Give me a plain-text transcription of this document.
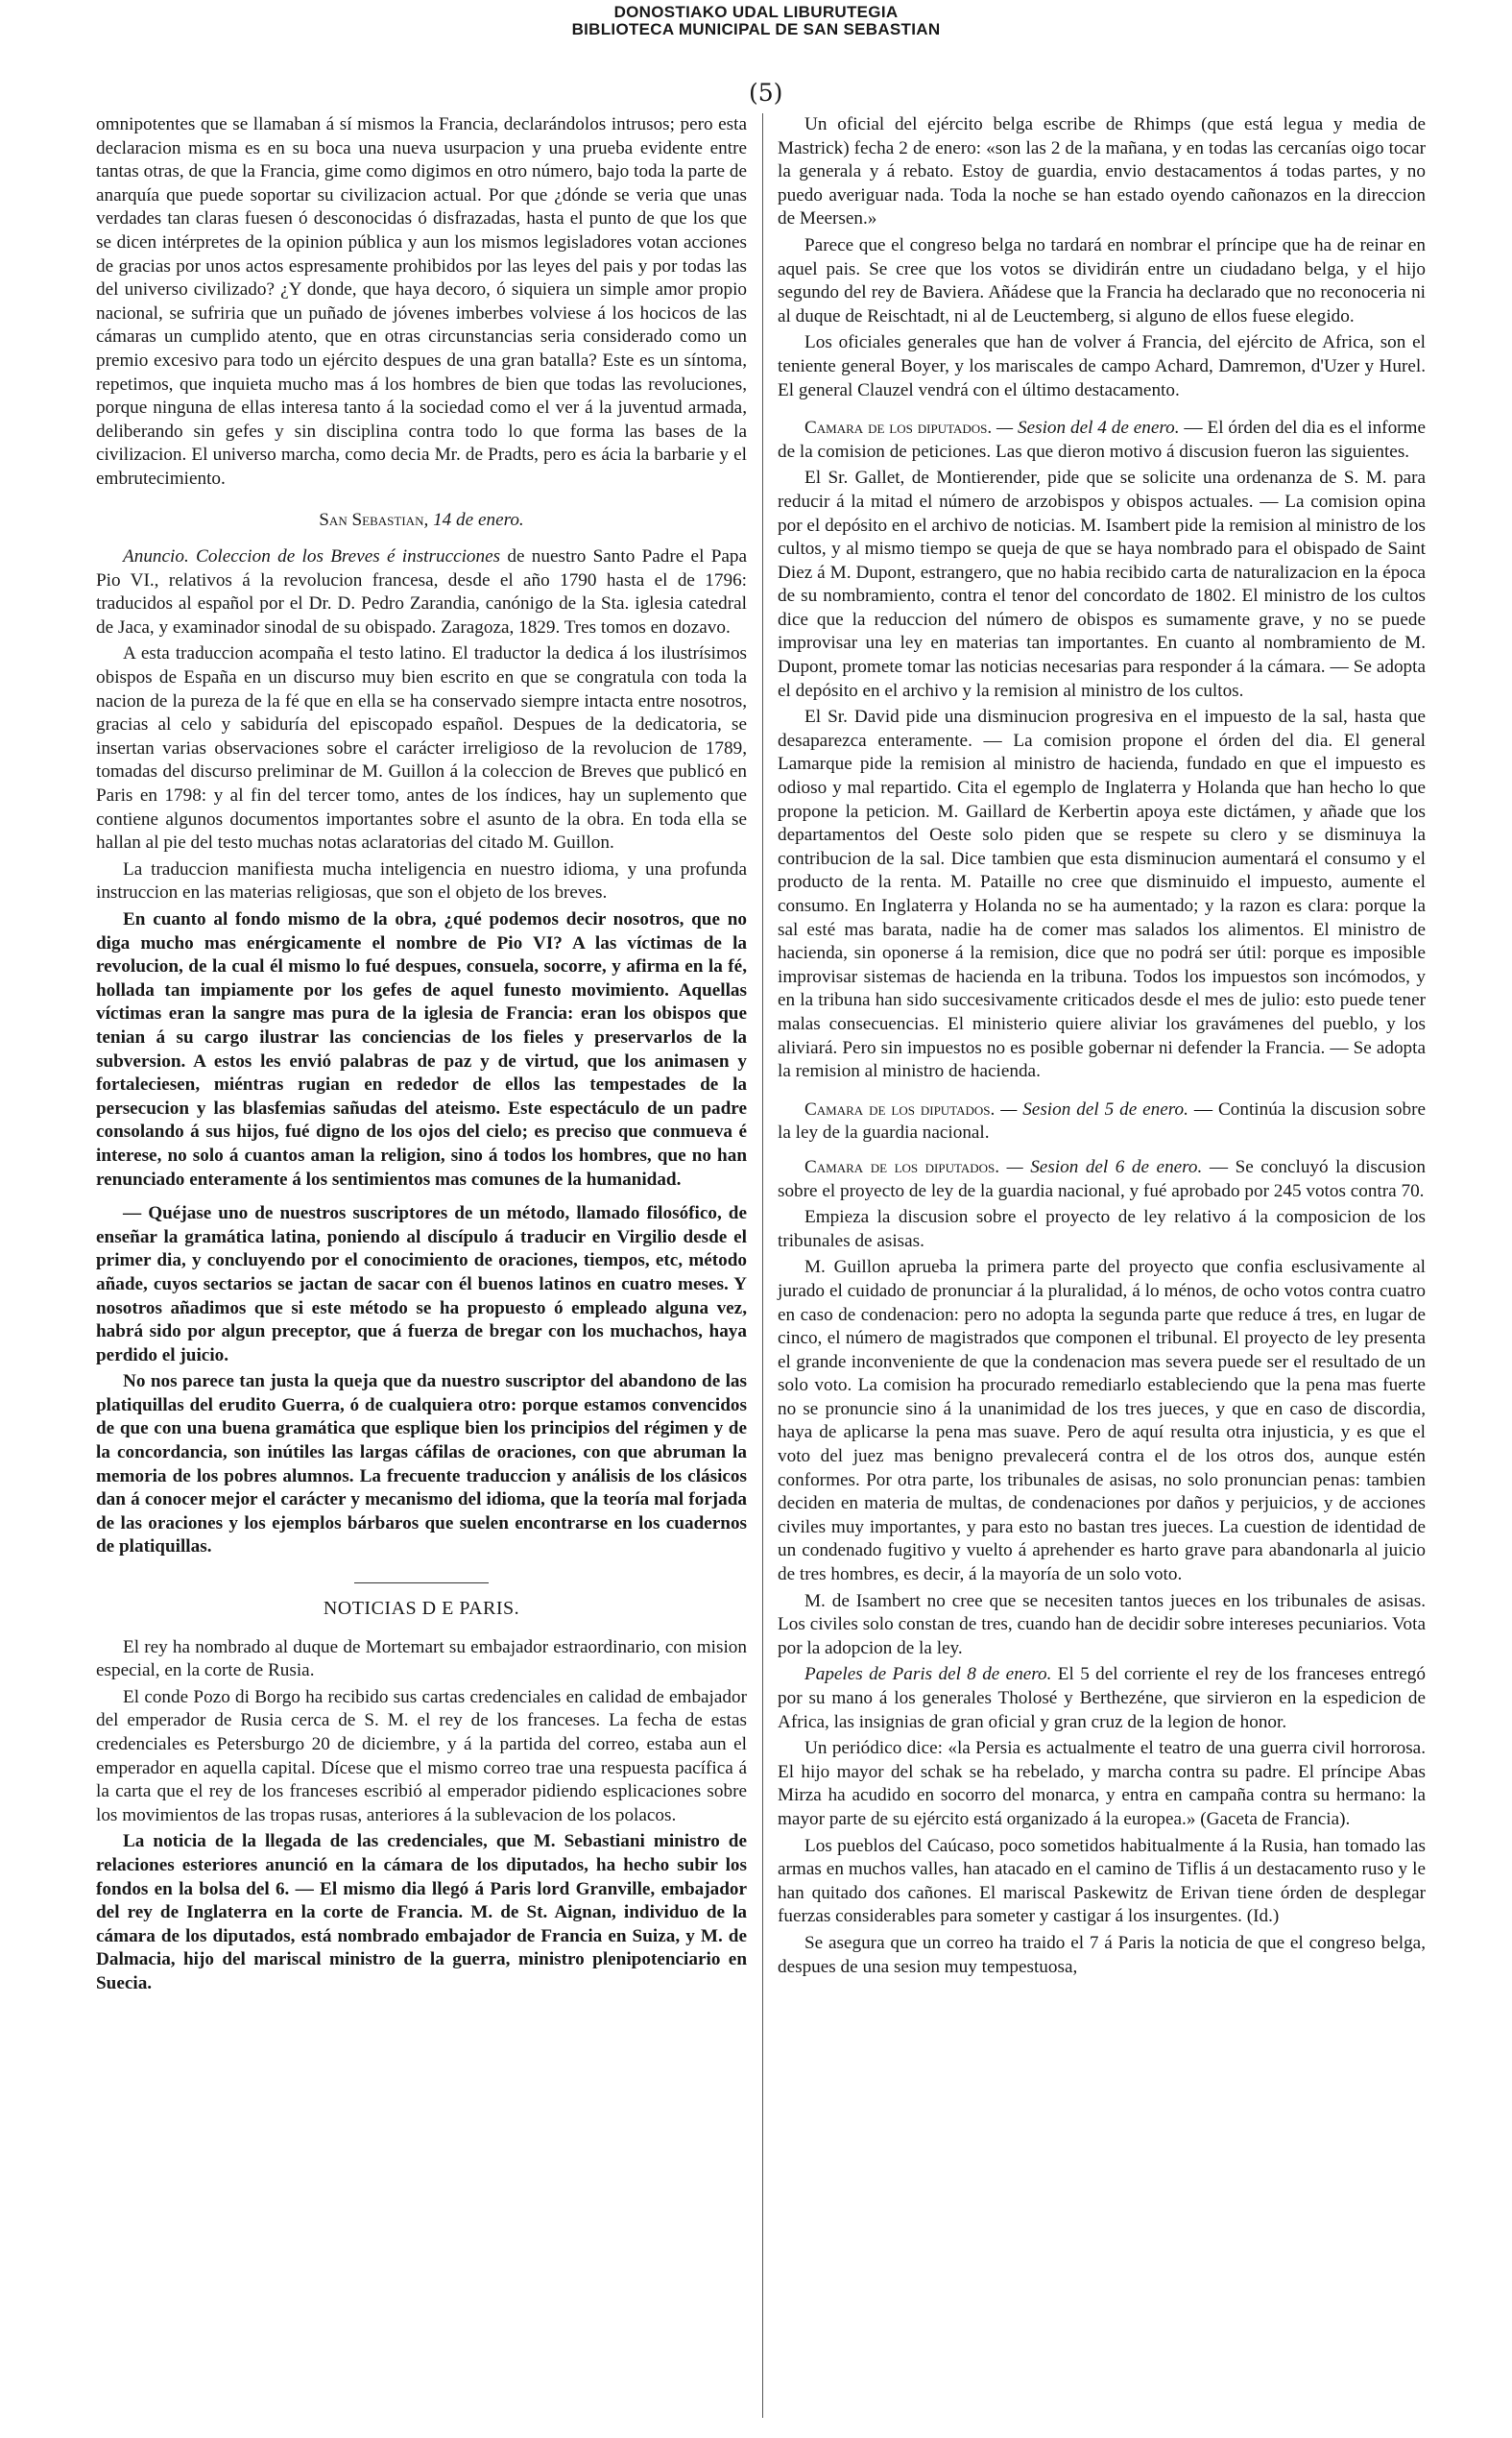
DONOSTIAKO UDAL LIBURUTEGIA
BIBLIOTECA MUNICIPAL DE SAN SEBASTIAN
(5)

omnipotentes que se llamaban á sí mismos la Francia, declarándolos intrusos; pero esta declaracion misma es en su boca una nueva usurpacion y una prueba evidente entre tantas otras, de que la Francia, gime como digimos en otro número, bajo toda la parte de anarquía que puede soportar su civilizacion actual. Por que ¿dónde se veria que unas verdades tan claras fuesen ó desconocidas ó disfrazadas, hasta el punto de que los que se dicen intérpretes de la opinion pública y aun los mismos legisladores votan acciones de gracias por unos actos espresamente prohibidos por las leyes del pais y por todas las del universo civilizado? ¿Y donde, que haya decoro, ó siquiera un simple amor propio nacional, se sufriria que un puñado de jóvenes imberbes volviese á los hocicos de las cámaras un cumplido atento, que en otras circunstancias seria considerado como un premio excesivo para todo un ejército despues de una gran batalla? Este es un síntoma, repetimos, que inquieta mucho mas á los hombres de bien que todas las revoluciones, porque ninguna de ellas interesa tanto á la sociedad como el ver á la juventud armada, deliberando sin gefes y sin disciplina contra todo lo que forma las bases de la civilizacion. El universo marcha, como decia Mr. de Pradts, pero es ácia la barbarie y el embrutecimiento.

San Sebastian, 14 de enero.

Anuncio. Coleccion de los Breves é instrucciones de nuestro Santo Padre el Papa Pio VI., relativos á la revolucion francesa, desde el año 1790 hasta el de 1796: traducidos al español por el Dr. D. Pedro Zarandia, canónigo de la Sta. iglesia catedral de Jaca, y examinador sinodal de su obispado. Zaragoza, 1829. Tres tomos en dozavo.

A esta traduccion acompaña el testo latino. El traductor la dedica á los ilustrísimos obispos de España en un discurso muy bien escrito en que se congratula con toda la nacion de la pureza de la fé que en ella se ha conservado siempre intacta entre nosotros, gracias al celo y sabiduría del episcopado español. Despues de la dedicatoria, se insertan varias observaciones sobre el carácter irreligioso de la revolucion de 1789, tomadas del discurso preliminar de M. Guillon á la coleccion de Breves que publicó en Paris en 1798: y al fin del tercer tomo, antes de los índices, hay un suplemento que contiene algunos documentos importantes sobre el asunto de la obra. En toda ella se hallan al pie del testo muchas notas aclaratorias del citado M. Guillon.

La traduccion manifiesta mucha inteligencia en nuestro idioma, y una profunda instruccion en las materias religiosas, que son el objeto de los breves.

En cuanto al fondo mismo de la obra, ¿qué podemos decir nosotros, que no diga mucho mas enérgicamente el nombre de Pio VI? A las víctimas de la revolucion, de la cual él mismo lo fué despues, consuela, socorre, y afirma en la fé, hollada tan impiamente por los gefes de aquel funesto movimiento. Aquellas víctimas eran la sangre mas pura de la iglesia de Francia: eran los obispos que tenian á su cargo ilustrar las conciencias de los fieles y preservarlos de la subversion. A estos les envió palabras de paz y de virtud, que los animasen y fortaleciesen, miéntras rugian en rededor de ellos las tempestades de la persecucion y las blasfemias sañudas del ateismo. Este espectáculo de un padre consolando á sus hijos, fué digno de los ojos del cielo; es preciso que conmueva é interese, no solo á cuantos aman la religion, sino á todos los hombres, que no han renunciado enteramente á los sentimientos mas comunes de la humanidad.

— Quéjase uno de nuestros suscriptores de un método, llamado filosófico, de enseñar la gramática latina, poniendo al discípulo á traducir en Virgilio desde el primer dia, y concluyendo por el conocimiento de oraciones, tiempos, etc, método añade, cuyos sectarios se jactan de sacar con él buenos latinos en cuatro meses. Y nosotros añadimos que si este método se ha propuesto ó empleado alguna vez, habrá sido por algun preceptor, que á fuerza de bregar con los muchachos, haya perdido el juicio.

No nos parece tan justa la queja que da nuestro suscriptor del abandono de las platiquillas del erudito Guerra, ó de cualquiera otro: porque estamos convencidos de que con una buena gramática que esplique bien los principios del régimen y de la concordancia, son inútiles las largas cáfilas de oraciones, con que abruman la memoria de los pobres alumnos. La frecuente traduccion y análisis de los clásicos dan á conocer mejor el carácter y mecanismo del idioma, que la teoría mal forjada de las oraciones y los ejemplos bárbaros que suelen encontrarse en los cuadernos de platiquillas.

NOTICIAS D E PARIS.

El rey ha nombrado al duque de Mortemart su embajador estraordinario, con mision especial, en la corte de Rusia.

El conde Pozo di Borgo ha recibido sus cartas credenciales en calidad de embajador del emperador de Rusia cerca de S. M. el rey de los franceses. La fecha de estas credenciales es Petersburgo 20 de diciembre, y á la partida del correo, estaba aun el emperador en aquella capital. Dícese que el mismo correo trae una respuesta pacífica á la carta que el rey de los franceses escribió al emperador pidiendo esplicaciones sobre los movimientos de las tropas rusas, anteriores á la sublevacion de los polacos.

La noticia de la llegada de las credenciales, que M. Sebastiani ministro de relaciones esteriores anunció en la cámara de los diputados, ha hecho subir los fondos en la bolsa del 6. — El mismo dia llegó á Paris lord Granville, embajador del rey de Inglaterra en la corte de Francia. M. de St. Aignan, individuo de la cámara de los diputados, está nombrado embajador de Francia en Suiza, y M. de Dalmacia, hijo del mariscal ministro de la guerra, ministro plenipotenciario en Suecia.

Un oficial del ejército belga escribe de Rhimps (que está legua y media de Mastrick) fecha 2 de enero: «son las 2 de la mañana, y en todas las cercanías oigo tocar la generala y á rebato. Estoy de guardia, envio destacamentos á todas partes, y no puedo averiguar nada. Toda la noche se han estado oyendo cañonazos en la direccion de Meersen.»

Parece que el congreso belga no tardará en nombrar el príncipe que ha de reinar en aquel pais. Se cree que los votos se dividirán entre un ciudadano belga, y el hijo segundo del rey de Baviera. Añádese que la Francia ha declarado que no reconoceria ni al duque de Reischtadt, ni al de Leuctemberg, si alguno de ellos fuese elegido.

Los oficiales generales que han de volver á Francia, del ejército de Africa, son el teniente general Boyer, y los mariscales de campo Achard, Damremon, d'Uzer y Hurel. El general Clauzel vendrá con el último destacamento.

Camara de los diputados. — Sesion del 4 de enero. — El órden del dia es el informe de la comision de peticiones. Las que dieron motivo á discusion fueron las siguientes.

El Sr. Gallet, de Montierender, pide que se solicite una ordenanza de S. M. para reducir á la mitad el número de arzobispos y obispos actuales. — La comision opina por el depósito en el archivo de noticias. M. Isambert pide la remision al ministro de los cultos, y al mismo tiempo se queja de que se haya nombrado para el obispado de Saint Diez á M. Dupont, estrangero, que no habia recibido carta de naturalizacion en la época de su nombramiento, contra el tenor del concordato de 1802. El ministro de los cultos dice que la reduccion del número de obispos es sumamente grave, y no se puede improvisar una ley en materias tan importantes. En cuanto al nombramiento de M. Dupont, promete tomar las noticias necesarias para responder á la cámara. — Se adopta el depósito en el archivo y la remision al ministro de los cultos.

El Sr. David pide una disminucion progresiva en el impuesto de la sal, hasta que desaparezca enteramente. — La comision propone el órden del dia. El general Lamarque pide la remision al ministro de hacienda, fundado en que el impuesto es odioso y mal repartido. Cita el egemplo de Inglaterra y Holanda que han hecho lo que propone la peticion. M. Gaillard de Kerbertin apoya este dictámen, y añade que los departamentos del Oeste solo piden que se respete su clero y se disminuya la contribucion de la sal. Dice tambien que esta disminucion aumentará el consumo y el producto de la renta. M. Pataille no cree que disminuido el impuesto, aumente el consumo. En Inglaterra y Holanda no se ha aumentado; y la razon es clara: porque la sal esté mas barata, nadie ha de comer mas salados los alimentos. El ministro de hacienda, sin oponerse á la remision, dice que no podrá ser útil: porque es imposible improvisar sistemas de hacienda en la tribuna. Todos los impuestos son incómodos, y en la tribuna han sido succesivamente criticados desde el mes de julio: esto puede tener malas consecuencias. El ministerio quiere aliviar los gravámenes del pueblo, y los aliviará. Pero sin impuestos no es posible gobernar ni defender la Francia. — Se adopta la remision al ministro de hacienda.

Camara de los diputados. — Sesion del 5 de enero. — Continúa la discusion sobre la ley de la guardia nacional.

Camara de los diputados. — Sesion del 6 de enero. — Se concluyó la discusion sobre el proyecto de ley de la guardia nacional, y fué aprobado por 245 votos contra 70.

Empieza la discusion sobre el proyecto de ley relativo á la composicion de los tribunales de asisas.

M. Guillon aprueba la primera parte del proyecto que confia esclusivamente al jurado el cuidado de pronunciar á la pluralidad, á lo ménos, de ocho votos contra cuatro en caso de condenacion: pero no adopta la segunda parte que reduce á tres, en lugar de cinco, el número de magistrados que componen el tribunal. El proyecto de ley presenta el grande inconveniente de que la condenacion mas severa puede ser el resultado de un solo voto. La comision ha procurado remediarlo estableciendo que la pena mas fuerte no se pronuncie sino á la unanimidad de los tres jueces, y que en caso de discordia, haya de aplicarse la pena mas suave. Pero de aquí resulta otra injusticia, y es que el voto del juez mas benigno prevalecerá contra el de los otros dos, aunque estén conformes. Por otra parte, los tribunales de asisas, no solo pronuncian penas: tambien deciden en materia de multas, de condenaciones por daños y perjuicios, y de acciones civiles muy importantes, y para esto no bastan tres jueces. La cuestion de identidad de un condenado fugitivo y vuelto á aprehender es harto grave para abandonarla al juicio de tres hombres, es decir, á la mayoría de un solo voto.

M. de Isambert no cree que se necesiten tantos jueces en los tribunales de asisas. Los civiles solo constan de tres, cuando han de decidir sobre intereses pecuniarios. Vota por la adopcion de la ley.

Papeles de Paris del 8 de enero. El 5 del corriente el rey de los franceses entregó por su mano á los generales Tholosé y Berthezéne, que sirvieron en la espedicion de Africa, las insignias de gran oficial y gran cruz de la legion de honor.

Un periódico dice: «la Persia es actualmente el teatro de una guerra civil horrorosa. El hijo mayor del schak se ha rebelado, y marcha contra su padre. El príncipe Abas Mirza ha acudido en socorro del monarca, y entra en campaña contra su hermano: la mayor parte de su ejército está organizado á la europea.» (Gaceta de Francia).

Los pueblos del Caúcaso, poco sometidos habitualmente á la Rusia, han tomado las armas en muchos valles, han atacado en el camino de Tiflis á un destacamento ruso y le han quitado dos cañones. El mariscal Paskewitz de Erivan tiene órden de desplegar fuerzas considerables para someter y castigar á los insurgentes. (Id.)

Se asegura que un correo ha traido el 7 á Paris la noticia de que el congreso belga, despues de una sesion muy tempestuosa,
